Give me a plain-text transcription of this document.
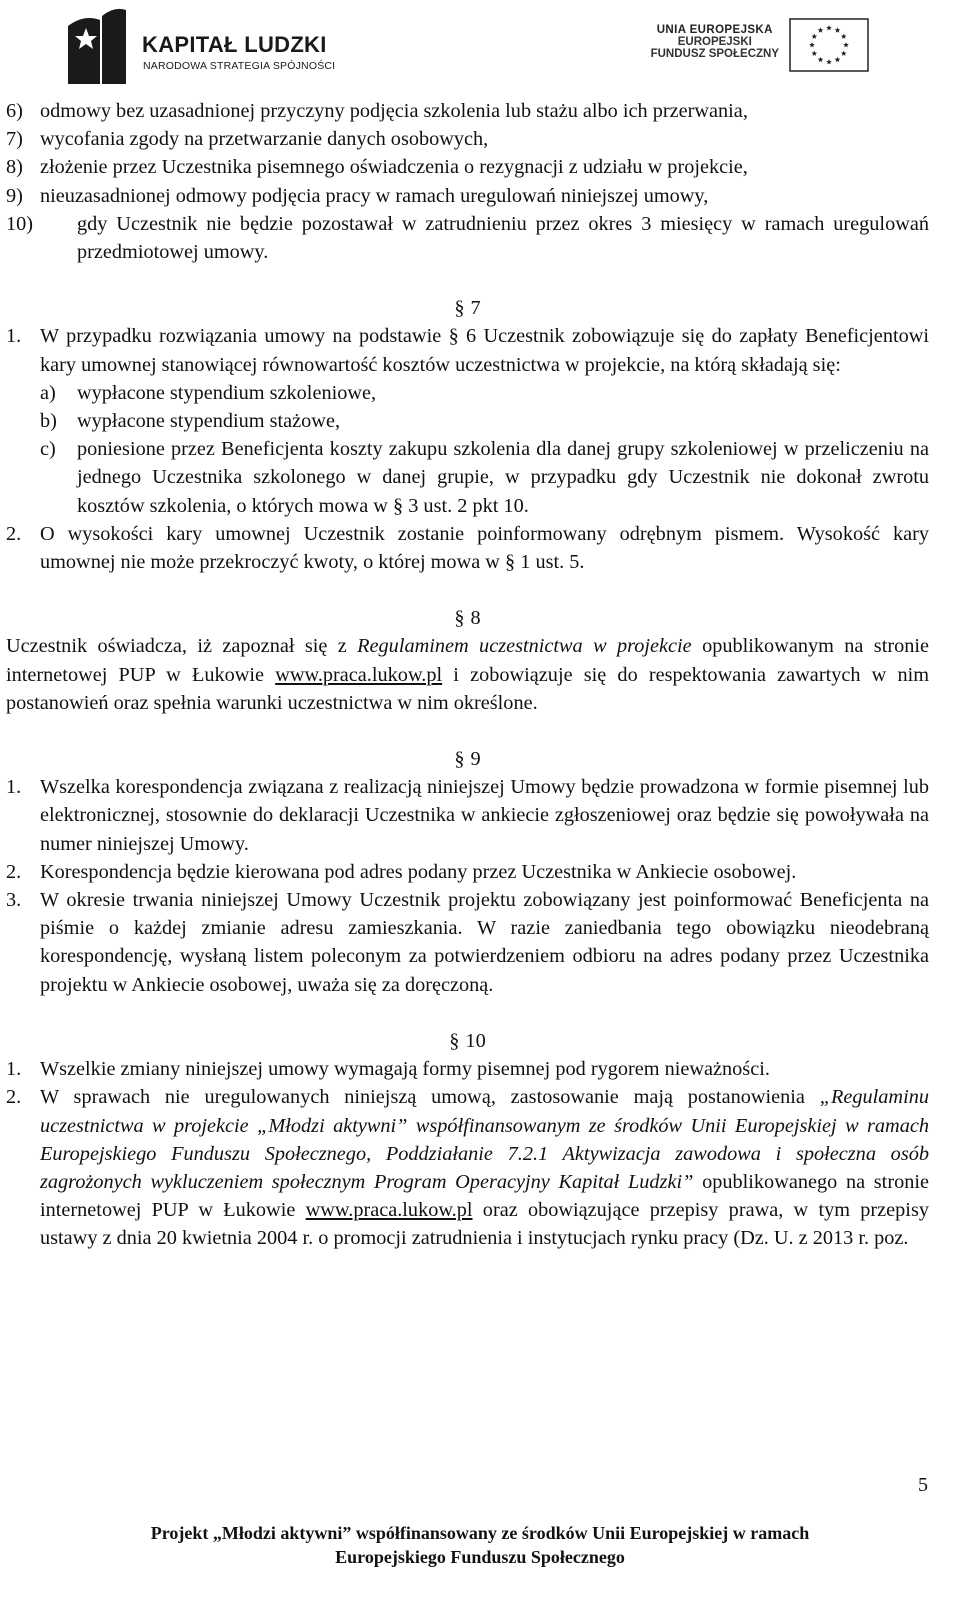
KAPITAŁ LUDZKI
NARODOWA STRATEGIA SPÓJNOŚCI
UNIA EUROPEJSKA
EUROPEJSKI
FUNDUSZ SPOŁECZNY
6) odmowy bez uzasadnionej przyczyny podjęcia szkolenia lub stażu albo ich przerwania,
7) wycofania zgody na przetwarzanie danych osobowych,
8) złożenie przez Uczestnika pisemnego oświadczenia o rezygnacji z udziału w projekcie,
9) nieuzasadnionej odmowy podjęcia pracy w ramach uregulowań niniejszej umowy,
10) gdy Uczestnik nie będzie pozostawał w zatrudnieniu przez okres 3 miesięcy w ramach uregulowań przedmiotowej umowy.
§ 7
1. W przypadku rozwiązania umowy na podstawie § 6 Uczestnik zobowiązuje się do zapłaty Beneficjentowi kary umownej stanowiącej równowartość kosztów uczestnictwa w projekcie, na którą składają się:
a) wypłacone stypendium szkoleniowe,
b) wypłacone stypendium stażowe,
c) poniesione przez Beneficjenta koszty zakupu szkolenia dla danej grupy szkoleniowej w przeliczeniu na jednego Uczestnika szkolonego w danej grupie, w przypadku gdy Uczestnik nie dokonał zwrotu kosztów szkolenia, o których mowa w § 3 ust. 2 pkt 10.
2. O wysokości kary umownej Uczestnik zostanie poinformowany odrębnym pismem. Wysokość kary umownej nie może przekroczyć kwoty, o której mowa w § 1 ust. 5.
§ 8
Uczestnik oświadcza, iż zapoznał się z Regulaminem uczestnictwa w projekcie opublikowanym na stronie internetowej PUP w Łukowie www.praca.lukow.pl i zobowiązuje się do respektowania zawartych w nim postanowień oraz spełnia warunki uczestnictwa w nim określone.
§ 9
1. Wszelka korespondencja związana z realizacją niniejszej Umowy będzie prowadzona w formie pisemnej lub elektronicznej, stosownie do deklaracji Uczestnika w ankiecie zgłoszeniowej oraz będzie się powoływała na numer niniejszej Umowy.
2. Korespondencja będzie kierowana pod adres podany przez Uczestnika w Ankiecie osobowej.
3. W okresie trwania niniejszej Umowy Uczestnik projektu zobowiązany jest poinformować Beneficjenta na piśmie o każdej zmianie adresu zamieszkania. W razie zaniedbania tego obowiązku nieodebraną korespondencję, wysłaną listem poleconym za potwierdzeniem odbioru na adres podany przez Uczestnika projektu w Ankiecie osobowej, uważa się za doręczoną.
§ 10
1. Wszelkie zmiany niniejszej umowy wymagają formy pisemnej pod rygorem nieważności.
2. W sprawach nie uregulowanych niniejszą umową, zastosowanie mają postanowienia „Regulaminu uczestnictwa w projekcie „Młodzi aktywni” współfinansowanym ze środków Unii Europejskiej w ramach Europejskiego Funduszu Społecznego, Poddziałanie 7.2.1 Aktywizacja zawodowa i społeczna osób zagrożonych wykluczeniem społecznym Program Operacyjny Kapitał Ludzki” opublikowanego na stronie internetowej PUP w Łukowie www.praca.lukow.pl oraz obowiązujące przepisy prawa, w tym przepisy ustawy z dnia 20 kwietnia 2004 r. o promocji zatrudnienia i instytucjach rynku pracy (Dz. U. z 2013 r. poz.
5
Projekt „Młodzi aktywni” współfinansowany ze środków Unii Europejskiej w ramach
Europejskiego Funduszu Społecznego
